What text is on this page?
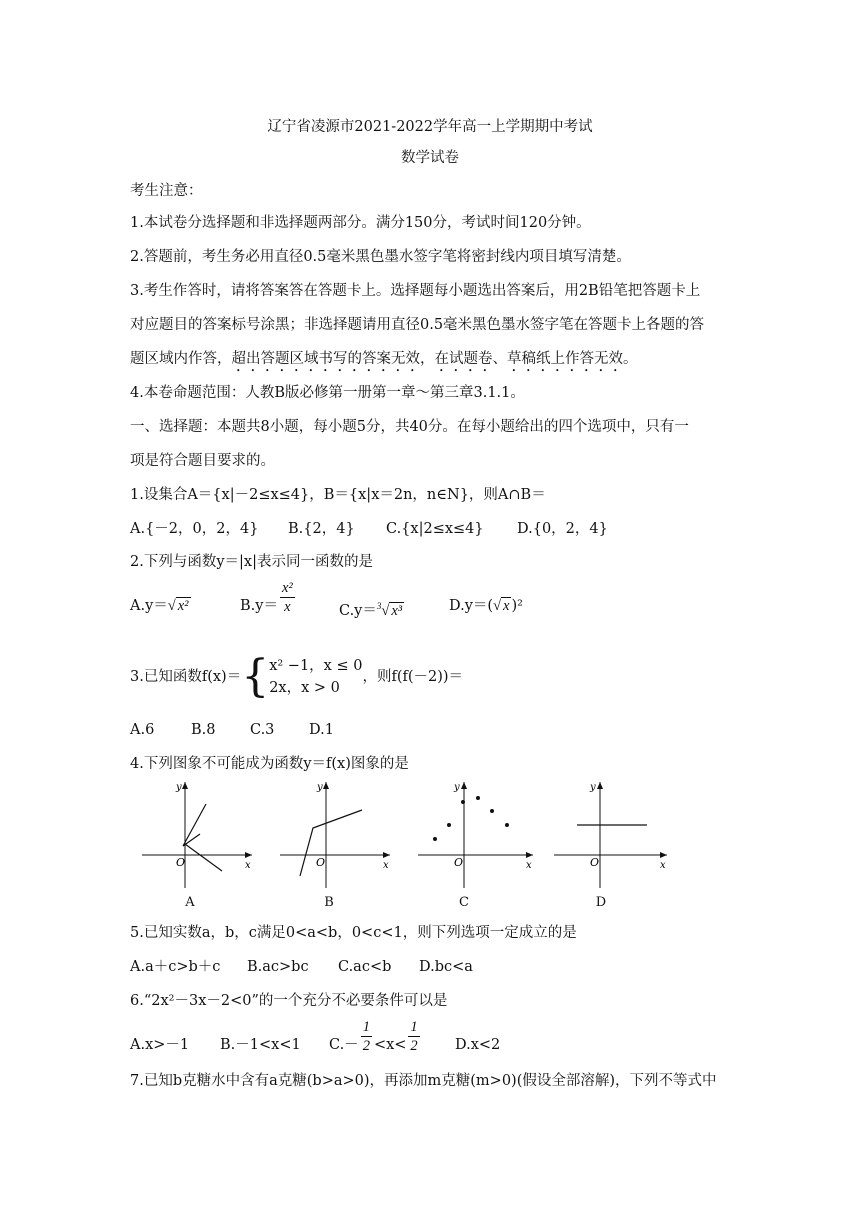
辽宁省凌源市2021-2022学年高一上学期期中考试
数学试卷
考生注意：
1.本试卷分选择题和非选择题两部分。满分150分，考试时间120分钟。
2.答题前，考生务必用直径0.5毫米黑色墨水签字笔将密封线内项目填写清楚。
3.考生作答时，请将答案答在答题卡上。选择题每小题选出答案后，用2B铅笔把答题卡上
对应题目的答案标号涂黑；非选择题请用直径0.5毫米黑色墨水签字笔在答题卡上各题的答
题区域内作答，超出答题区域书写的答案无效，在试题卷、草稿纸上作答无效。
4.本卷命题范围：人教B版必修第一册第一章～第三章3.1.1。
一、选择题：本题共8小题，每小题5分，共40分。在每小题给出的四个选项中，只有一
项是符合题目要求的。
1.设集合A＝{x|－2≤x≤4}，B＝{x|x＝2n，n∈N}，则A∩B＝
A.{－2，0，2，4} B.{2，4} C.{x|2≤x≤4} D.{0，2，4}
2.下列与函数y＝|x|表示同一函数的是
A.y＝√ x²	$B.y= \frac{\text{x²}}{x}$	C.y＝$^3$√ x³	D.y＝(√ x )²
3.已知函数f(x)＝{ x² −1，x ≤ 0
2x，x > 0
，则f(f(－2))＝
A.6	B.8 C.3 D.1
4.下列图象不可能成为函数y＝f(x)图象的是
O	x
y
A
O	x
y
B
O	x
y
C
O	x
y
D
5.已知实数a，b，c满足0<a<b，0<c<1，则下列选项一定成立的是
A.a＋c>b＋c B.ac>bc C.ac<b D.bc<a
6.“2x²－3x－2<0”的一个充分不必要条件可以是
A.x>－1 B.－1<x<1 $C.- \frac{1}{2} <x< \frac{1}{2} D.x<2$
7.已知b克糖水中含有a克糖(b>a>0)，再添加m克糖(m>0)(假设全部溶解)，下列不等式中
